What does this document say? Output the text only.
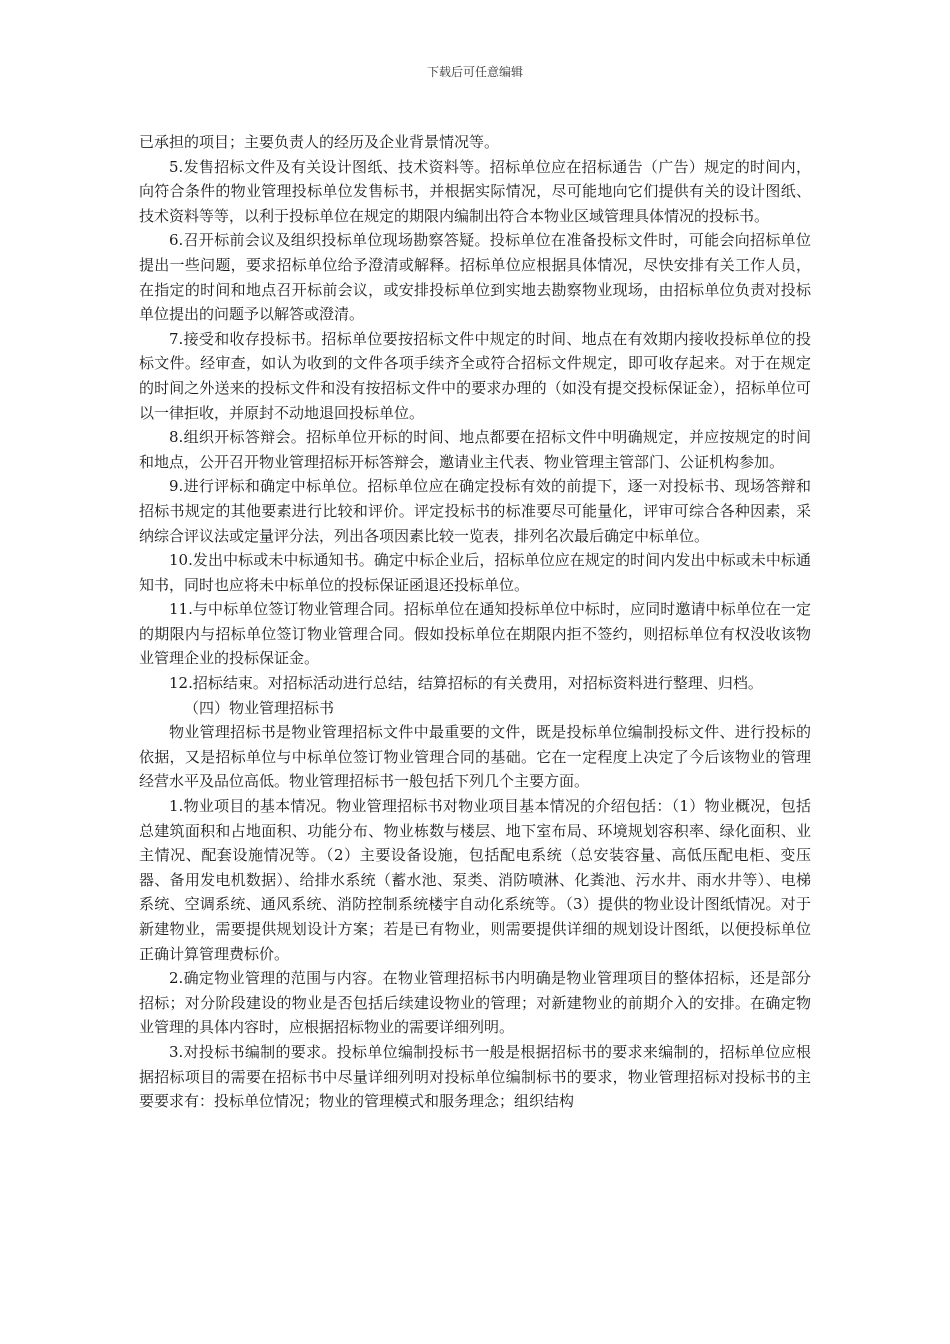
下载后可任意编辑

已承担的项目；主要负责人的经历及企业背景情况等。

5.发售招标文件及有关设计图纸、技术资料等。招标单位应在招标通告（广告）规定的时间内，向符合条件的物业管理投标单位发售标书，并根据实际情况，尽可能地向它们提供有关的设计图纸、技术资料等等，以利于投标单位在规定的期限内编制出符合本物业区域管理具体情况的投标书。

6.召开标前会议及组织投标单位现场勘察答疑。投标单位在准备投标文件时，可能会向招标单位提出一些问题，要求招标单位给予澄清或解释。招标单位应根据具体情况，尽快安排有关工作人员，在指定的时间和地点召开标前会议，或安排投标单位到实地去勘察物业现场，由招标单位负责对投标单位提出的问题予以解答或澄清。

7.接受和收存投标书。招标单位要按招标文件中规定的时间、地点在有效期内接收投标单位的投标文件。经审查，如认为收到的文件各项手续齐全或符合招标文件规定，即可收存起来。对于在规定的时间之外送来的投标文件和没有按招标文件中的要求办理的（如没有提交投标保证金），招标单位可以一律拒收，并原封不动地退回投标单位。

8.组织开标答辩会。招标单位开标的时间、地点都要在招标文件中明确规定，并应按规定的时间和地点，公开召开物业管理招标开标答辩会，邀请业主代表、物业管理主管部门、公证机构参加。

9.进行评标和确定中标单位。招标单位应在确定投标有效的前提下，逐一对投标书、现场答辩和招标书规定的其他要素进行比较和评价。评定投标书的标准要尽可能量化，评审可综合各种因素，采纳综合评议法或定量评分法，列出各项因素比较一览表，排列名次最后确定中标单位。

10.发出中标或未中标通知书。确定中标企业后，招标单位应在规定的时间内发出中标或未中标通知书，同时也应将未中标单位的投标保证函退还投标单位。

11.与中标单位签订物业管理合同。招标单位在通知投标单位中标时，应同时邀请中标单位在一定的期限内与招标单位签订物业管理合同。假如投标单位在期限内拒不签约，则招标单位有权没收该物业管理企业的投标保证金。

12.招标结束。对招标活动进行总结，结算招标的有关费用，对招标资料进行整理、归档。

（四）物业管理招标书

物业管理招标书是物业管理招标文件中最重要的文件，既是投标单位编制投标文件、进行投标的依据，又是招标单位与中标单位签订物业管理合同的基础。它在一定程度上决定了今后该物业的管理经营水平及品位高低。物业管理招标书一般包括下列几个主要方面。

1.物业项目的基本情况。物业管理招标书对物业项目基本情况的介绍包括：（1）物业概况，包括总建筑面积和占地面积、功能分布、物业栋数与楼层、地下室布局、环境规划容积率、绿化面积、业主情况、配套设施情况等。（2）主要设备设施，包括配电系统（总安装容量、高低压配电柜、变压器、备用发电机数据）、给排水系统（蓄水池、泵类、消防喷淋、化粪池、污水井、雨水井等）、电梯系统、空调系统、通风系统、消防控制系统楼宇自动化系统等。（3）提供的物业设计图纸情况。对于新建物业，需要提供规划设计方案；若是已有物业，则需要提供详细的规划设计图纸，以便投标单位正确计算管理费标价。

2.确定物业管理的范围与内容。在物业管理招标书内明确是物业管理项目的整体招标，还是部分招标；对分阶段建设的物业是否包括后续建设物业的管理；对新建物业的前期介入的安排。在确定物业管理的具体内容时，应根据招标物业的需要详细列明。

3.对投标书编制的要求。投标单位编制投标书一般是根据招标书的要求来编制的，招标单位应根据招标项目的需要在招标书中尽量详细列明对投标单位编制标书的要求，物业管理招标对投标书的主要要求有：投标单位情况；物业的管理模式和服务理念；组织结构
